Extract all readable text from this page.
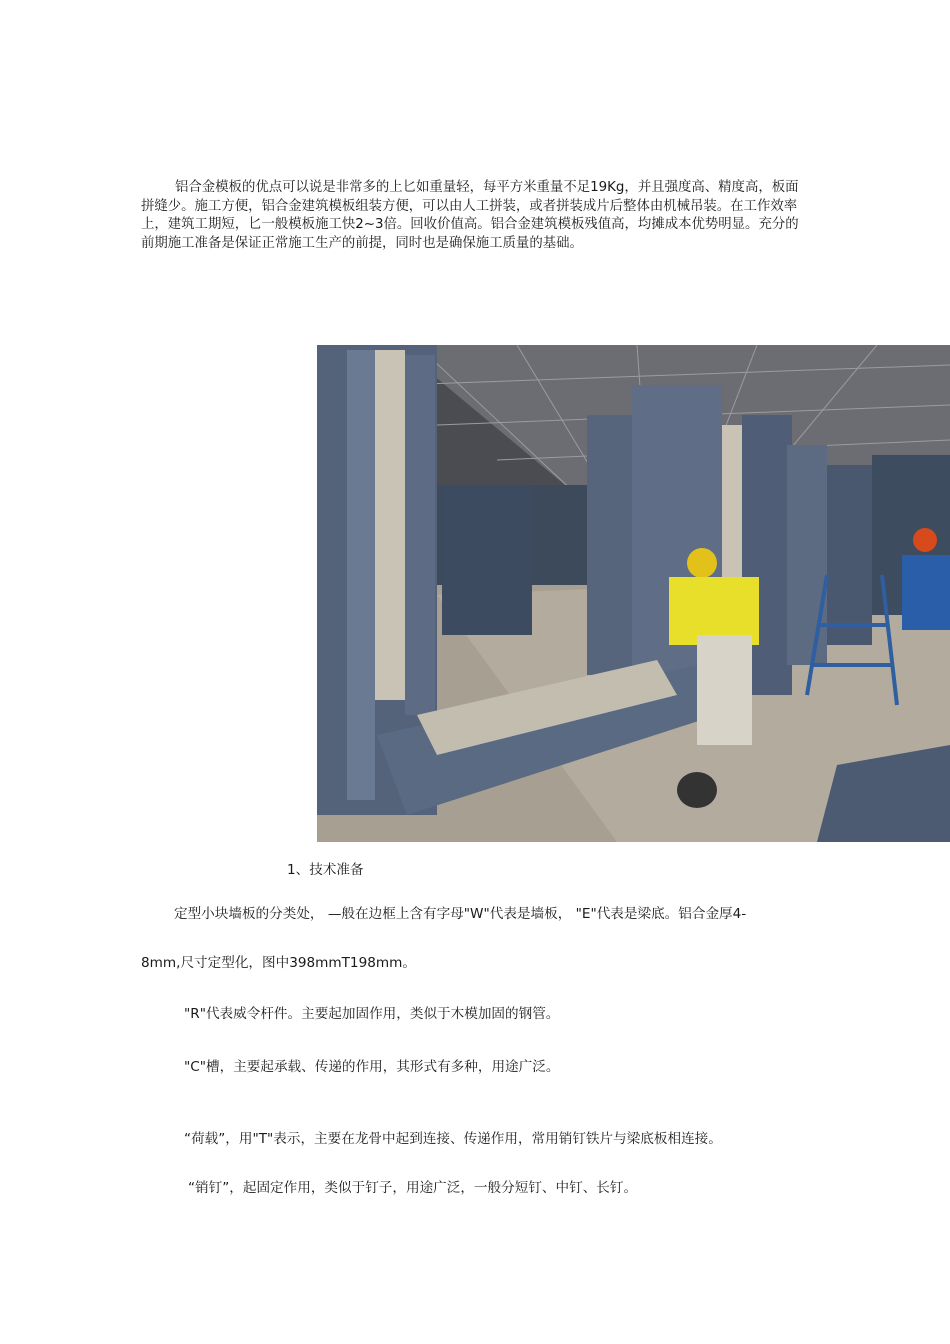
铝合金模板的优点可以说是非常多的上匕如重量轻，每平方米重量不足19Kg，并且强度高、精度高，板面拼缝少。施工方便，铝合金建筑模板组装方便，可以由人工拼装，或者拼装成片后整体由机械吊装。在工作效率上，建筑工期短，匕一般模板施工快2~3倍。回收价值高。铝合金建筑模板残值高，均摊成本优势明显。充分的前期施工准备是保证正常施工生产的前提，同时也是确保施工质量的基础。

1、技术准备

定型小块墙板的分类处， —般在边框上含有字母"W"代表是墙板， "E"代表是梁底。铝合金厚4-

8mm,尺寸定型化，图中398mmT198mm。

"R"代表威令杆件。主要起加固作用，类似于木模加固的钢管。

"C"槽，主要起承载、传递的作用，其形式有多种，用途广泛。

“荷载”，用"T"表示，主要在龙骨中起到连接、传递作用，常用销钉铁片与梁底板相连接。

“销钉”，起固定作用，类似于钉子，用途广泛，一般分短钉、中钉、长钉。
